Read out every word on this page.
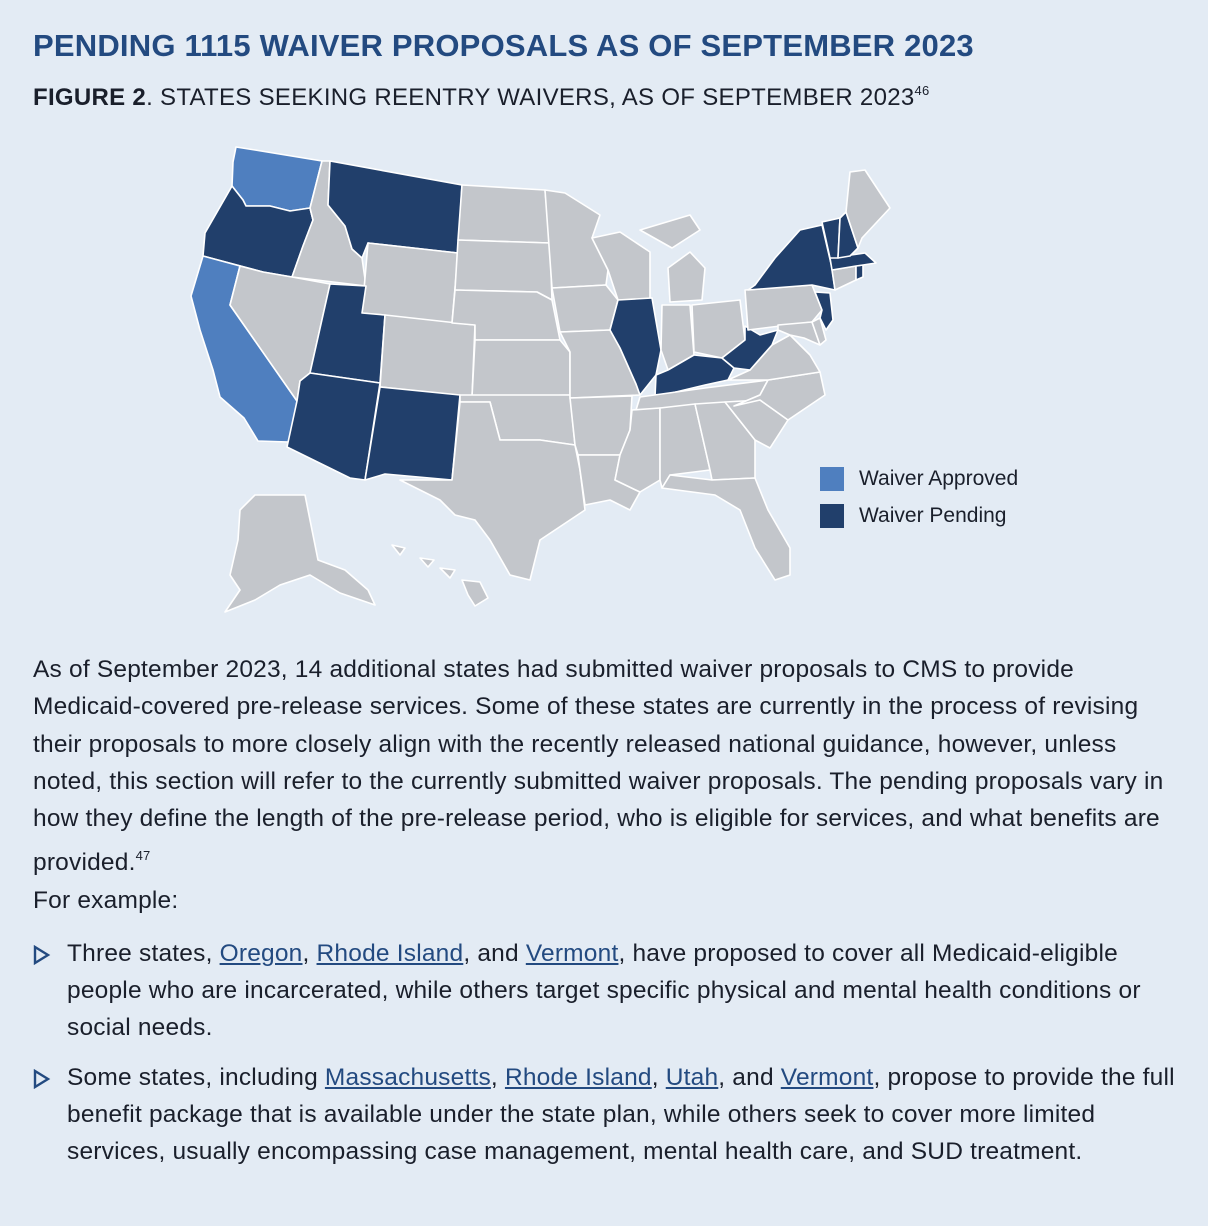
PENDING 1115 WAIVER PROPOSALS AS OF SEPTEMBER 2023

FIGURE 2. STATES SEEKING REENTRY WAIVERS, AS OF SEPTEMBER 2023$^{46}$

Waiver Approved
Waiver Pending

As of September 2023, 14 additional states had submitted waiver proposals to CMS to provide Medicaid-covered pre-release services. Some of these states are currently in the process of revising their proposals to more closely align with the recently released national guidance, however, unless noted, this section will refer to the currently submitted waiver proposals. The pending proposals vary in how they define the length of the pre-release period, who is eligible for services, and what benefits are provided.$^{47}$

For example:

Three states, Oregon, Rhode Island, and Vermont, have proposed to cover all Medicaid-eligible people who are incarcerated, while others target specific physical and mental health conditions or social needs.
Some states, including Massachusetts, Rhode Island, Utah, and Vermont, propose to provide the full benefit package that is available under the state plan, while others seek to cover more limited services, usually encompassing case management, mental health care, and SUD treatment.
